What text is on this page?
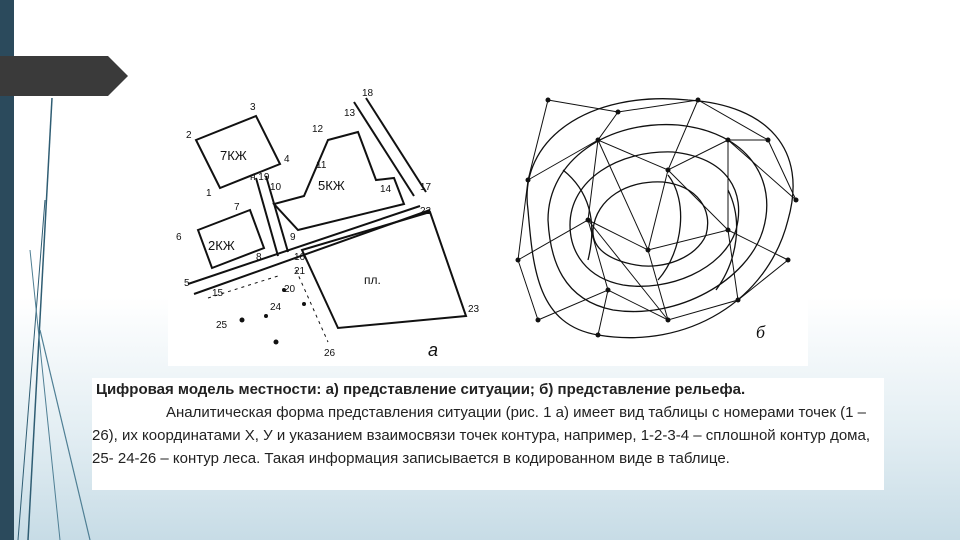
3
2
7КЖ	4
1
н 19
10
7
6
2КЖ
8
9
5
16
21
18
13
12
11
5КЖ	14	17
22
пл.
15	20
24
25
23
26	а
б

Цифровая модель местности: а) представление ситуации; б) представление рельефа.

Аналитическая форма представления ситуации (рис. 1 а) имеет вид таблицы с номерами точек (1 – 26), их координатами X, У и указанием взаимосвязи точек контура, например, 1-2-3-4 – сплошной контур дома, 25- 24-26 – контур леса. Такая информация записывается в кодированном виде в таблице.
